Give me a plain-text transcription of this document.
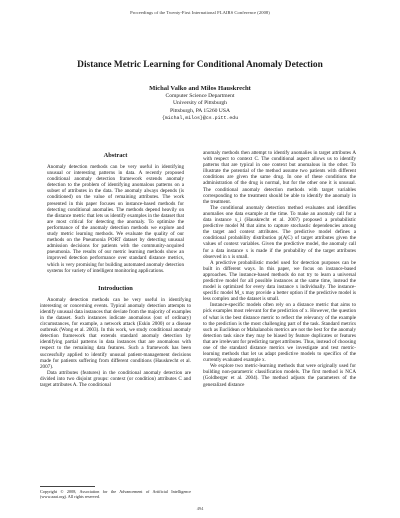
Proceedings of the Twenty-First International FLAIRS Conference (2008)
Distance Metric Learning for Conditional Anomaly Detection
Michal Valko and Milos Hauskrecht
Computer Science Department
University of Pittsburgh
Pittsburgh, PA 15260 USA
{michal,milos}@cs.pitt.edu
Abstract
Anomaly detection methods can be very useful in identifying unusual or interesting patterns in data. A recently proposed conditional anomaly detection framework extends anomaly detection to the problem of identifying anomalous patterns on a subset of attributes in the data. The anomaly always depends (is conditioned) on the value of remaining attributes. The work presented in this paper focuses on instance-based methods for detecting conditional anomalies. The methods depend heavily on the distance metric that lets us identify examples in the dataset that are most critical for detecting the anomaly. To optimize the performance of the anomaly detection methods we explore and study metric learning methods. We evaluate the quality of our methods on the Pneumonia PORT dataset by detecting unusual admission decisions for patients with the community-acquired pneumonia. The results of our metric learning methods show an improved detection performance over standard distance metrics, which is very promising for building automated anomaly detection systems for variety of intelligent monitoring applications.
Introduction

Anomaly detection methods can be very useful in identifying interesting or concerning events. Typical anomaly detection attempts to identify unusual data instances that deviate from the majority of examples in the dataset. Such instances indicate anomalous (out of ordinary) circumstances, for example, a network attack (Eskin 2000) or a disease outbreak (Wong et al. 2003). In this work, we study conditional anomaly detection framework that extends standard anomaly detection by identifying partial patterns in data instances that are anomalous with respect to the remaining data features. Such a framework has been successfully applied to identify unusual patient-management decisions made for patients suffering from different conditions (Hauskrecht et al. 2007).

Data attributes (features) in the conditional anomaly detection are divided into two disjoint groups: context (or condition) attributes C and target attributes A. The conditional

anomaly methods then attempt to identify anomalies in target attributes A with respect to context C. The conditional aspect allows us to identify patterns that are typical in one context but anomalous in the other. To illustrate the potential of the method assume two patients with different conditions are given the same drug. In one of these conditions the administration of the drug is normal, but for the other one it is unusual. The conditional anomaly detection methods with target variables corresponding to the treatment should be able to identify the anomaly in the treatment.

The conditional anomaly detection method evaluates and identifies anomalies one data example at the time. To make an anomaly call for a data instance x_i (Hauskrecht et al. 2007) proposed a probabilistic predictive model M that aims to capture stochastic dependencies among the target and context attributes. The predictive model defines a conditional probability distribution p(A|C) of target attributes given the values of context variables. Given the predictive model, the anomaly call for a data instance x is made if the probability of the target attributes observed in x is small.

A predictive probabilistic model used for detection purposes can be built in different ways. In this paper, we focus on instance-based approaches. The instance-based methods do not try to learn a universal predictive model for all possible instances at the same time, instead the model is optimized for every data instance x individually. The instance-specific model M_x may provide a better option if the predictive model is less complex and the dataset is small.

Instance-specific models often rely on a distance metric that aims to pick examples most relevant for the prediction of x. However, the question of what is the best distance metric to reflect the relevancy of the example to the prediction is the most challenging part of the task. Standard metrics such as Euclidean or Mahalanobis metrics are not the best for the anomaly detection task since they may be biased by feature duplicates or features that are irrelevant for predicting target attributes. Thus, instead of choosing one of the standard distance metrics we investigate and test metric-learning methods that let us adapt predictive models to specifics of the currently evaluated example x.

We explore two metric-learning methods that were originally used for building non-parametric classification models. The first method is NCA (Goldberger et al. 2004). The method adjusts the parameters of the generalized distance

Copyright © 2008, Association for the Advancement of Artificial Intelligence (www.aaai.org). All rights reserved.
494
